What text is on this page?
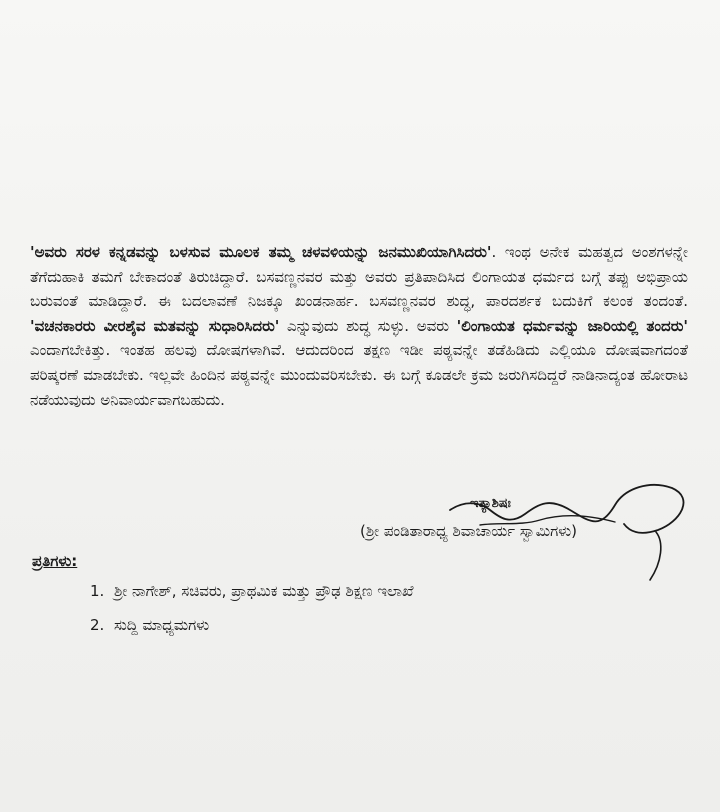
'ಅವರು ಸರಳ ಕನ್ನಡವನ್ನು ಬಳಸುವ ಮೂಲಕ ತಮ್ಮ ಚಳವಳಿಯನ್ನು ಜನಮುಖಿಯಾಗಿಸಿದರು'. ಇಂಥ ಅನೇಕ ಮಹತ್ವದ ಅಂಶಗಳನ್ನೇ ತೆಗೆದುಹಾಕಿ ತಮಗೆ ಬೇಕಾದಂತೆ ತಿರುಚಿದ್ದಾರೆ. ಬಸವಣ್ಣನವರ ಮತ್ತು ಅವರು ಪ್ರತಿಪಾದಿಸಿದ ಲಿಂಗಾಯತ ಧರ್ಮದ ಬಗ್ಗೆ ತಪ್ಪು ಅಭಿಪ್ರಾಯ ಬರುವಂತೆ ಮಾಡಿದ್ದಾರೆ. ಈ ಬದಲಾವಣೆ ನಿಜಕ್ಕೂ ಖಂಡನಾರ್ಹ. ಬಸವಣ್ಣನವರ ಶುದ್ಧ, ಪಾರದರ್ಶಕ ಬದುಕಿಗೆ ಕಲಂಕ ತಂದಂತೆ. 'ವಚನಕಾರರು ವೀರಶೈವ ಮತವನ್ನು ಸುಧಾರಿಸಿದರು' ಎನ್ನುವುದು ಶುದ್ಧ ಸುಳ್ಳು. ಅವರು 'ಲಿಂಗಾಯತ ಧರ್ಮವನ್ನು ಜಾರಿಯಲ್ಲಿ ತಂದರು' ಎಂದಾಗಬೇಕಿತ್ತು. ಇಂತಹ ಹಲವು ದೋಷಗಳಾಗಿವೆ. ಆದುದರಿಂದ ತಕ್ಷಣ ಇಡೀ ಪಠ್ಯವನ್ನೇ ತಡೆಹಿಡಿದು ಎಲ್ಲಿಯೂ ದೋಷವಾಗದಂತೆ ಪರಿಷ್ಕರಣೆ ಮಾಡಬೇಕು. ಇಲ್ಲವೇ ಹಿಂದಿನ ಪಠ್ಯವನ್ನೇ ಮುಂದುವರಿಸಬೇಕು. ಈ ಬಗ್ಗೆ ಕೂಡಲೇ ಕ್ರಮ ಜರುಗಿಸದಿದ್ದರೆ ನಾಡಿನಾದ್ಯಂತ ಹೋರಾಟ ನಡೆಯುವುದು ಅನಿವಾರ್ಯವಾಗಬಹುದು.

ಇತ್ಯಾಶಿಷಃ
(ಶ್ರೀ ಪಂಡಿತಾರಾಧ್ಯ ಶಿವಾಚಾರ್ಯ ಸ್ವಾಮಿಗಳು)
ಪ್ರತಿಗಳು:
1. ಶ್ರೀ ನಾಗೇಶ್, ಸಚಿವರು, ಪ್ರಾಥಮಿಕ ಮತ್ತು ಪ್ರೌಢ ಶಿಕ್ಷಣ ಇಲಾಖೆ
2. ಸುದ್ದಿ ಮಾಧ್ಯಮಗಳು
